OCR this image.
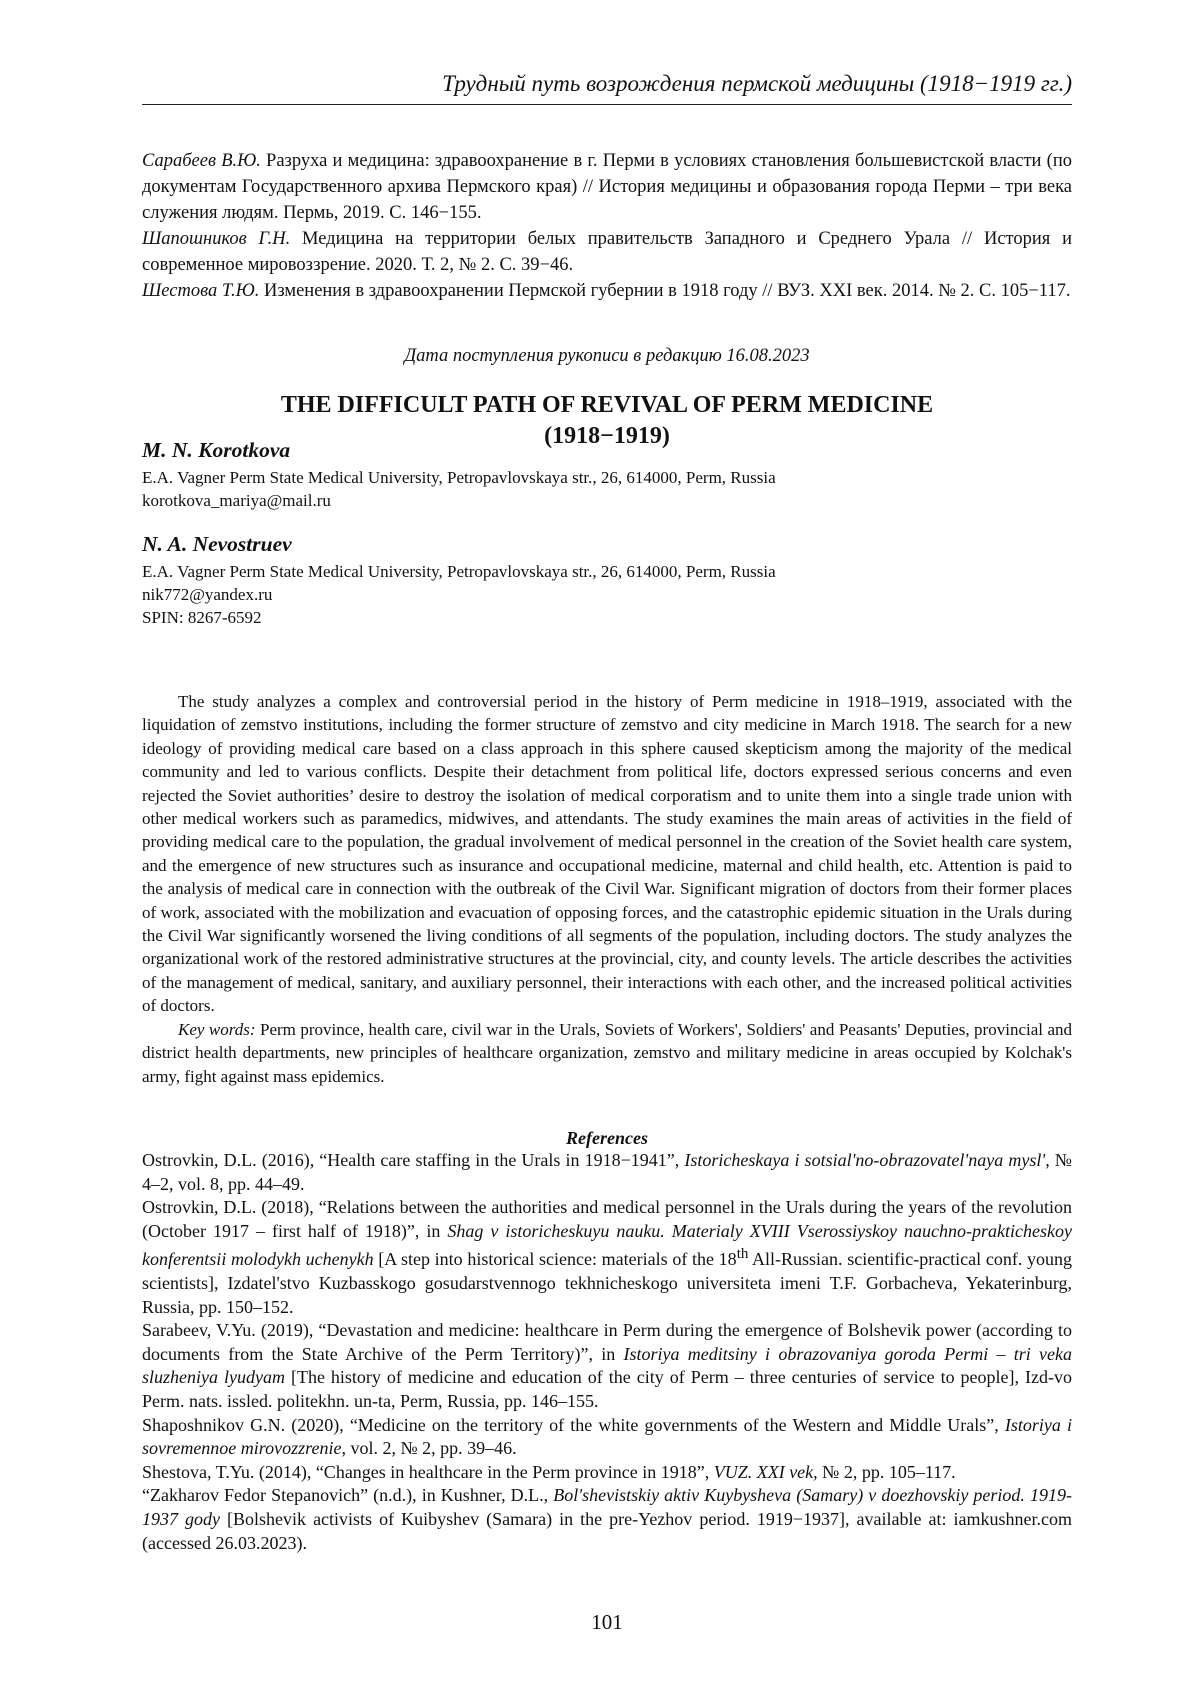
Трудный путь возрождения пермской медицины (1918−1919 гг.)

Сарабеев В.Ю. Разруха и медицина: здравоохранение в г. Перми в условиях становления большевистской власти (по документам Государственного архива Пермского края) // История медицины и образования города Перми – три века служения людям. Пермь, 2019. С. 146−155.

Шапошников Г.Н. Медицина на территории белых правительств Западного и Среднего Урала // История и современное мировоззрение. 2020. Т. 2, № 2. С. 39−46.

Шестова Т.Ю. Изменения в здравоохранении Пермской губернии в 1918 году // ВУЗ. XXI век. 2014. № 2. С. 105−117.

Дата поступления рукописи в редакцию 16.08.2023
THE DIFFICULT PATH OF REVIVAL OF PERM MEDICINE
(1918−1919)
M. N. Korotkova
E.A. Vagner Perm State Medical University, Petropavlovskaya str., 26, 614000, Perm, Russia
korotkova_mariya@mail.ru
N. A. Nevostruev
E.A. Vagner Perm State Medical University, Petropavlovskaya str., 26, 614000, Perm, Russia
nik772@yandex.ru
SPIN: 8267-6592

The study analyzes a complex and controversial period in the history of Perm medicine in 1918–1919, associated with the liquidation of zemstvo institutions, including the former structure of zemstvo and city medicine in March 1918. The search for a new ideology of providing medical care based on a class approach in this sphere caused skepticism among the majority of the medical community and led to various conflicts. Despite their detachment from political life, doctors expressed serious concerns and even rejected the Soviet authorities’ desire to destroy the isolation of medical corporatism and to unite them into a single trade union with other medical workers such as paramedics, midwives, and attendants. The study examines the main areas of activities in the field of providing medical care to the population, the gradual involvement of medical personnel in the creation of the Soviet health care system, and the emergence of new structures such as insurance and occupational medicine, maternal and child health, etc. Attention is paid to the analysis of medical care in connection with the outbreak of the Civil War. Significant migration of doctors from their former places of work, associated with the mobilization and evacuation of opposing forces, and the catastrophic epidemic situation in the Urals during the Civil War significantly worsened the living conditions of all segments of the population, including doctors. The study analyzes the organizational work of the restored administrative structures at the provincial, city, and county levels. The article describes the activities of the management of medical, sanitary, and auxiliary personnel, their interactions with each other, and the increased political activities of doctors.

Key words: Perm province, health care, civil war in the Urals, Soviets of Workers', Soldiers' and Peasants' Deputies, provincial and district health departments, new principles of healthcare organization, zemstvo and military medicine in areas occupied by Kolchak's army, fight against mass epidemics.

References

Ostrovkin, D.L. (2016), “Health care staffing in the Urals in 1918−1941”, Istoricheskaya i sotsial'no-obrazovatel'naya mysl', № 4–2, vol. 8, pp. 44–49.

Ostrovkin, D.L. (2018), “Relations between the authorities and medical personnel in the Urals during the years of the revolution (October 1917 – first half of 1918)”, in Shag v istoricheskuyu nauku. Materialy XVIII Vserossiyskoy nauchno-prakticheskoy konferentsii molodykh uchenykh [A step into historical science: materials of the 18th All-Russian. scientific-practical conf. young scientists], Izdatel'stvo Kuzbasskogo gosudarstvennogo tekhnicheskogo universiteta imeni T.F. Gorbacheva, Yekaterinburg, Russia, pp. 150–152.

Sarabeev, V.Yu. (2019), “Devastation and medicine: healthcare in Perm during the emergence of Bolshevik power (according to documents from the State Archive of the Perm Territory)”, in Istoriya meditsiny i obrazovaniya goroda Permi – tri veka sluzheniya lyudyam [The history of medicine and education of the city of Perm – three centuries of service to people], Izd-vo Perm. nats. issled. politekhn. un-ta, Perm, Russia, pp. 146–155.

Shaposhnikov G.N. (2020), “Medicine on the territory of the white governments of the Western and Middle Urals”, Istoriya i sovremennoe mirovozzrenie, vol. 2, № 2, pp. 39–46.

Shestova, T.Yu. (2014), “Changes in healthcare in the Perm province in 1918”, VUZ. XXI vek, № 2, pp. 105–117.

“Zakharov Fedor Stepanovich” (n.d.), in Kushner, D.L., Bol'shevistskiy aktiv Kuybysheva (Samary) v doezhovskiy period. 1919-1937 gody [Bolshevik activists of Kuibyshev (Samara) in the pre-Yezhov period. 1919−1937], available at: iamkushner.com (accessed 26.03.2023).

101
